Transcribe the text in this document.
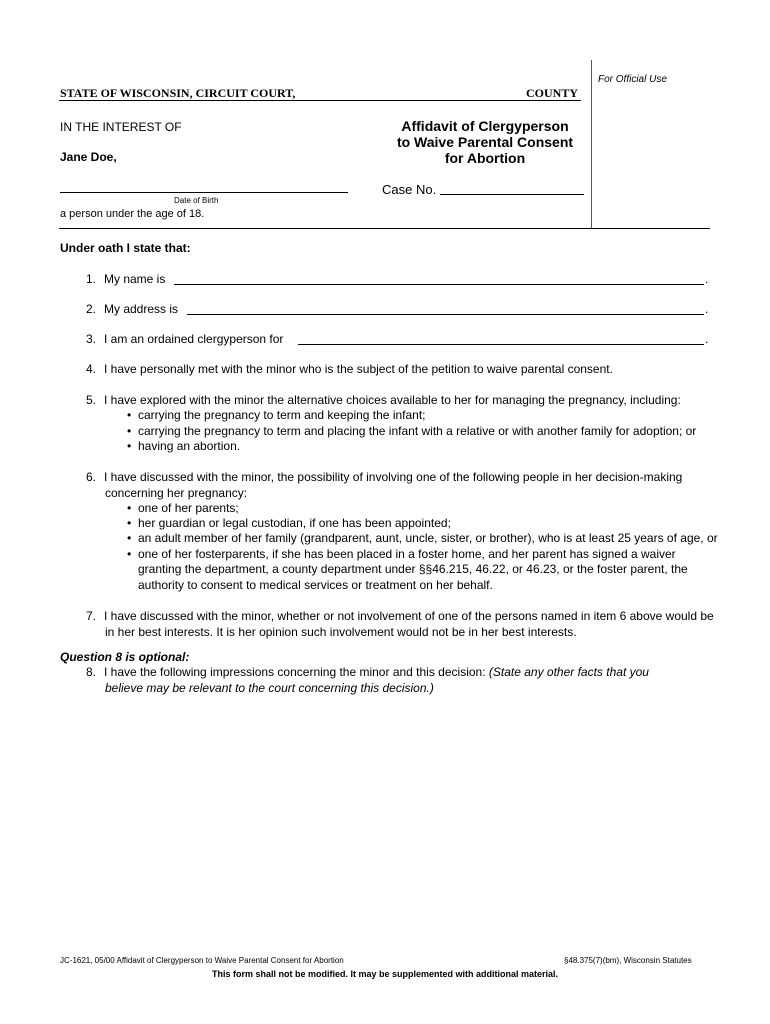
For Official Use
STATE OF WISCONSIN, CIRCUIT COURT,	COUNTY
IN THE INTEREST OF
Jane Doe,
Date of Birth
a person under the age of 18.
Affidavit of Clergyperson
to Waive Parental Consent
for Abortion
Case No.
Under oath I state that:
1. My name is	.
2. My address is	.
3. I am an ordained clergyperson for	.
4. I have personally met with the minor who is the subject of the petition to waive parental consent.
5. I have explored with the minor the alternative choices available to her for managing the pregnancy, including:
• carrying the pregnancy to term and keeping the infant;
• carrying the pregnancy to term and placing the infant with a relative or with another family for adoption; or
• having an abortion.
6. I have discussed with the minor, the possibility of involving one of the following people in her decision-making
concerning her pregnancy:
• one of her parents;
• her guardian or legal custodian, if one has been appointed;
• an adult member of her family (grandparent, aunt, uncle, sister, or brother), who is at least 25 years of age, or
• one of her fosterparents, if she has been placed in a foster home, and her parent has signed a waiver
granting the department, a county department under §§46.215, 46.22, or 46.23, or the foster parent, the
authority to consent to medical services or treatment on her behalf.
7. I have discussed with the minor, whether or not involvement of one of the persons named in item 6 above would be
in her best interests. It is her opinion such involvement would not be in her best interests.
Question 8 is optional:
8. I have the following impressions concerning the minor and this decision: (State any other facts that you
believe may be relevant to the court concerning this decision.)
JC-1621, 05/00 Affidavit of Clergyperson to Waive Parental Consent for Abortion	§48.375(7)(bm), Wisconsin Statutes
This form shall not be modified. It may be supplemented with additional material.
